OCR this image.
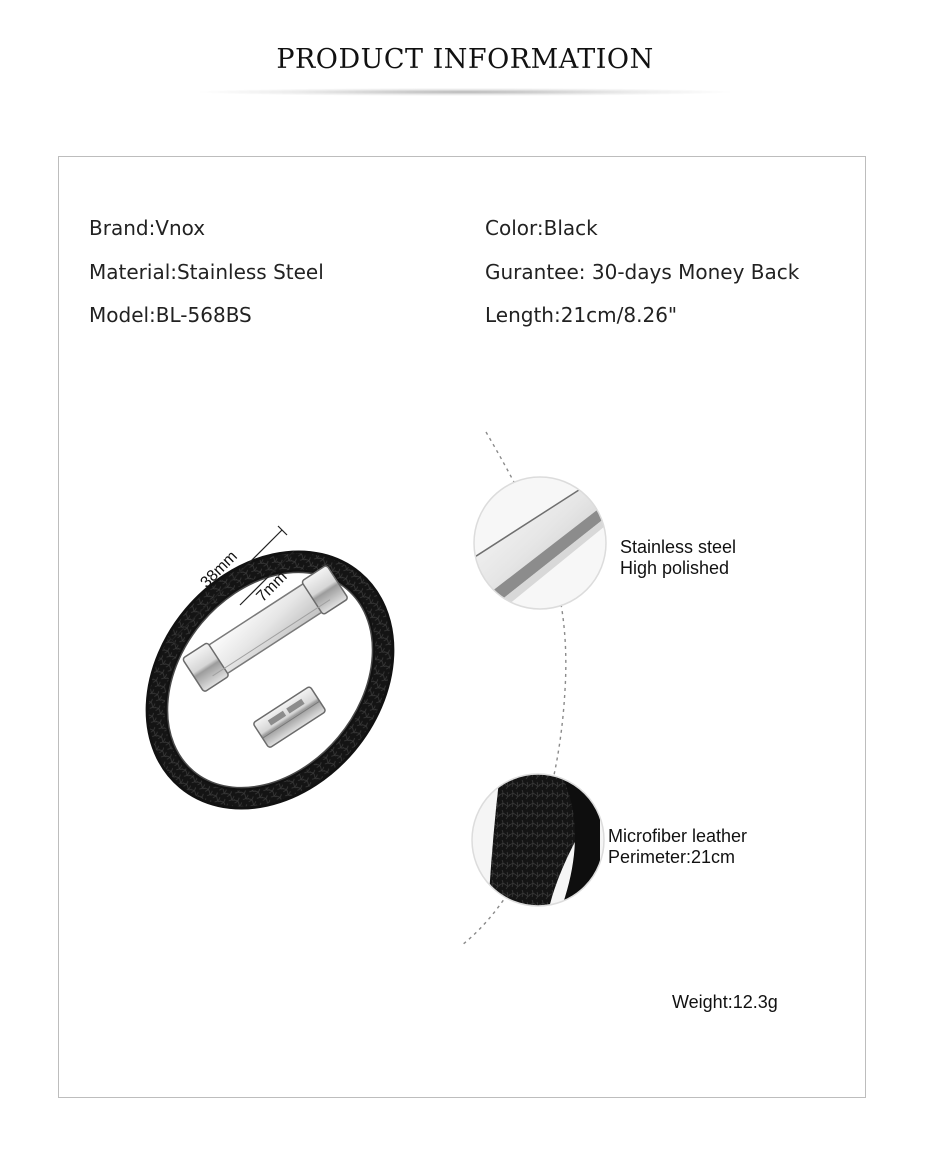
PRODUCT INFORMATION
Brand:Vnox
Material:Stainless Steel
Model:BL-568BS
Color:Black
Gurantee: 30-days Money Back
Length:21cm/8.26"
38mm 7mm
Stainless steel
High polished
Microfiber leather
Perimeter:21cm
Weight:12.3g
